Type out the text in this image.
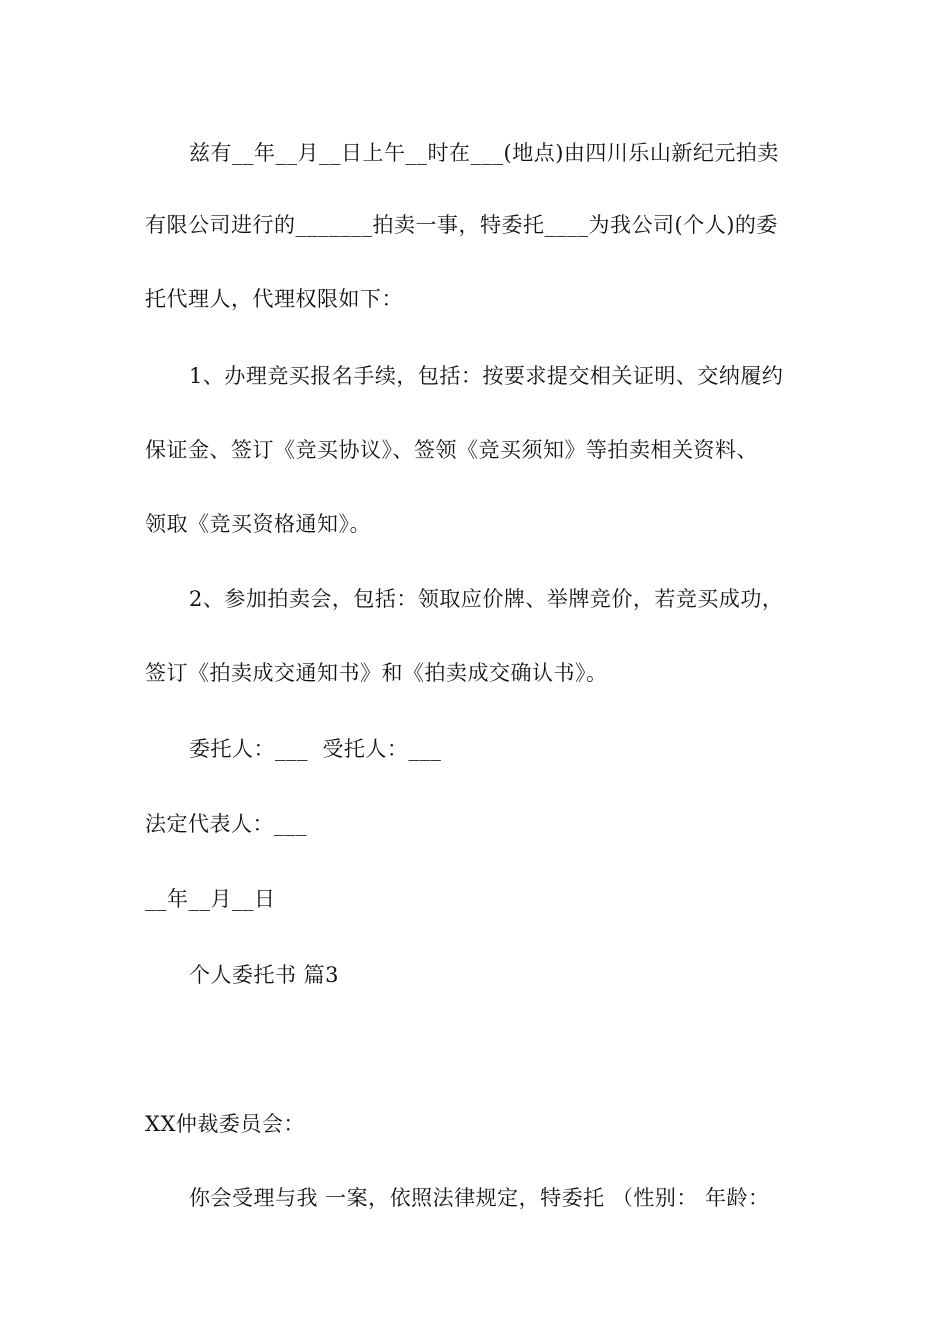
兹有__年__月__日上午__时在___(地点)由四川乐山新纪元拍卖
有限公司进行的_______拍卖一事，特委托____为我公司(个人)的委
托代理人，代理权限如下：
1、办理竞买报名手续，包括：按要求提交相关证明、交纳履约
保证金、签订《竞买协议》、签领《竞买须知》等拍卖相关资料、
领取《竞买资格通知》。
2、参加拍卖会，包括：领取应价牌、举牌竞价，若竞买成功，
签订《拍卖成交通知书》和《拍卖成交确认书》。
委托人：___  受托人：___
法定代表人：___
__年__月__日
个人委托书 篇3
XX仲裁委员会：
你会受理与我 一案，依照法律规定，特委托 （性别： 年龄：
